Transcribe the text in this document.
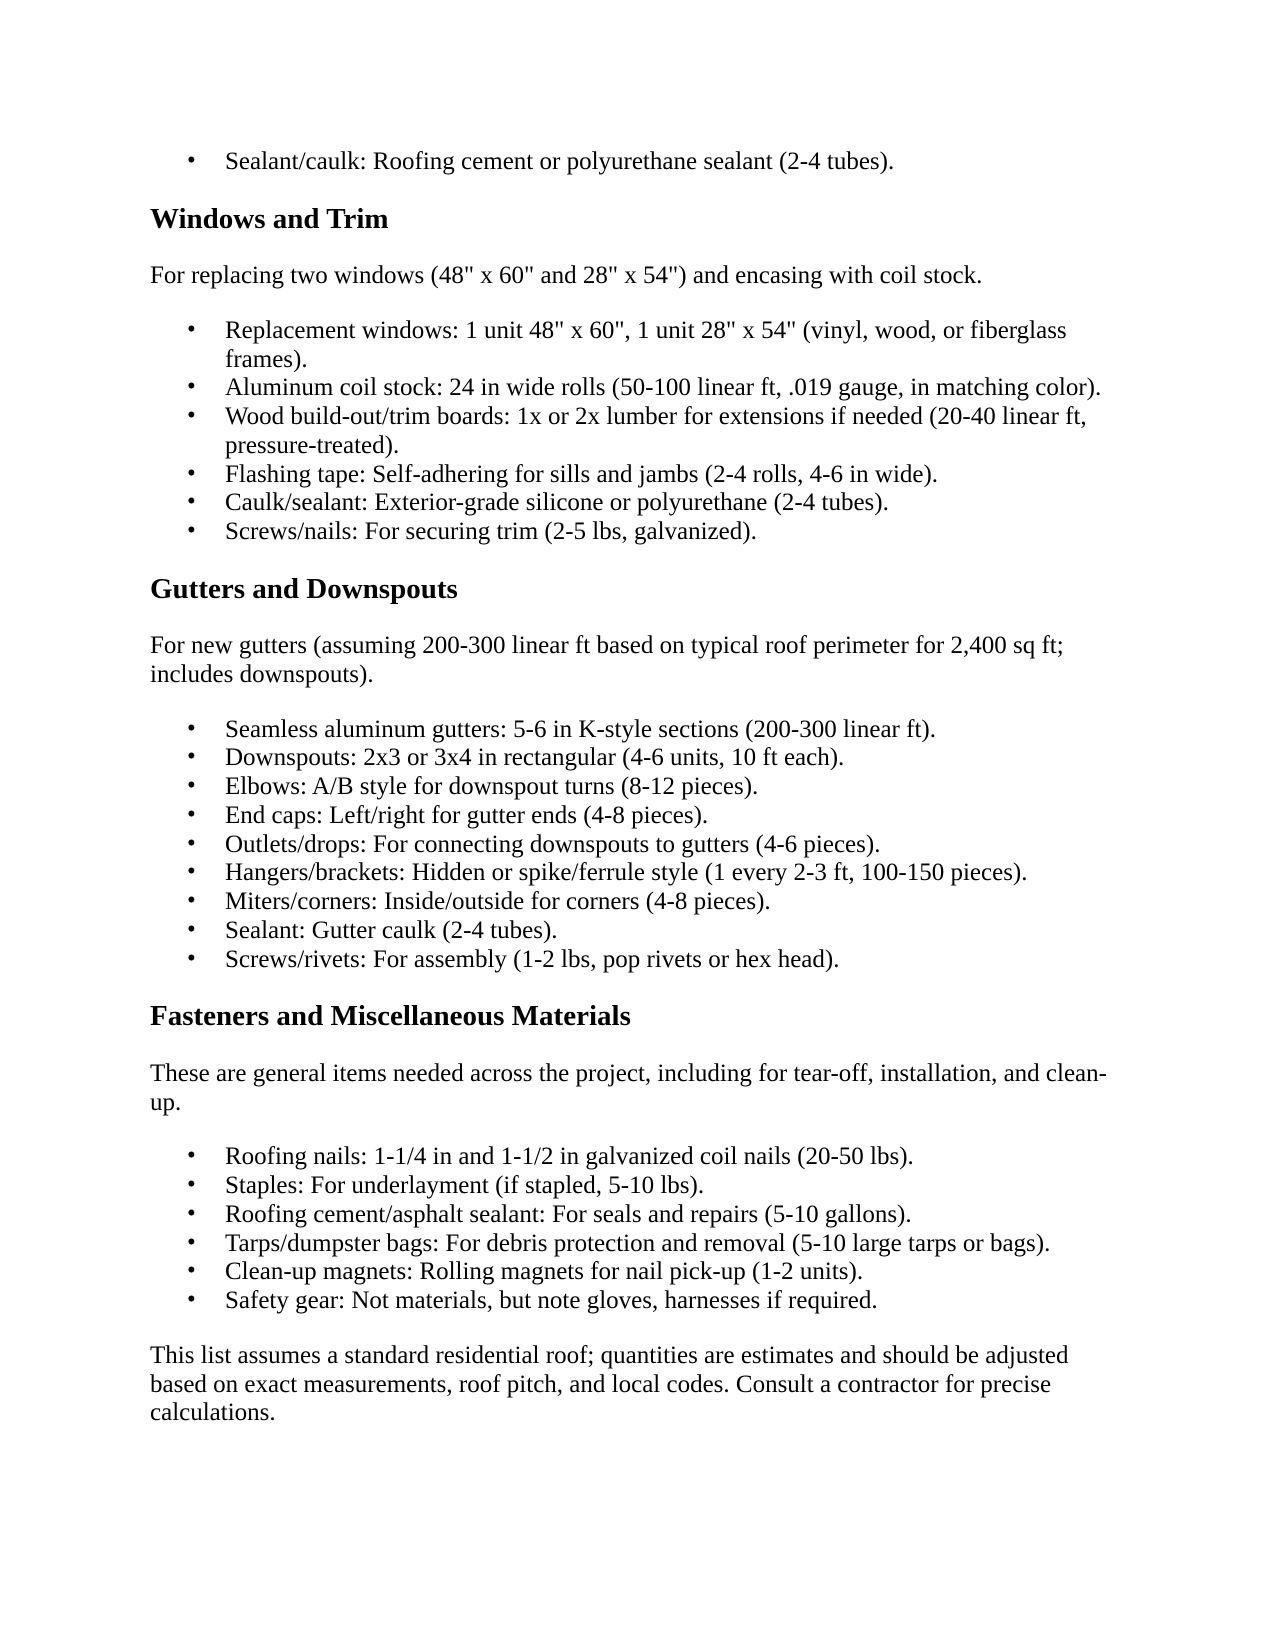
• Sealant/caulk: Roofing cement or polyurethane sealant (2-4 tubes).
Windows and Trim

For replacing two windows (48" x 60" and 28" x 54") and encasing with coil stock.

• Replacement windows: 1 unit 48" x 60", 1 unit 28" x 54" (vinyl, wood, or fiberglass frames).
• Aluminum coil stock: 24 in wide rolls (50-100 linear ft, .019 gauge, in matching color).
• Wood build-out/trim boards: 1x or 2x lumber for extensions if needed (20-40 linear ft, pressure-treated).
• Flashing tape: Self-adhering for sills and jambs (2-4 rolls, 4-6 in wide).
• Caulk/sealant: Exterior-grade silicone or polyurethane (2-4 tubes).
• Screws/nails: For securing trim (2-5 lbs, galvanized).
Gutters and Downspouts

For new gutters (assuming 200-300 linear ft based on typical roof perimeter for 2,400 sq ft; includes downspouts).

• Seamless aluminum gutters: 5-6 in K-style sections (200-300 linear ft).
• Downspouts: 2x3 or 3x4 in rectangular (4-6 units, 10 ft each).
• Elbows: A/B style for downspout turns (8-12 pieces).
• End caps: Left/right for gutter ends (4-8 pieces).
• Outlets/drops: For connecting downspouts to gutters (4-6 pieces).
• Hangers/brackets: Hidden or spike/ferrule style (1 every 2-3 ft, 100-150 pieces).
• Miters/corners: Inside/outside for corners (4-8 pieces).
• Sealant: Gutter caulk (2-4 tubes).
• Screws/rivets: For assembly (1-2 lbs, pop rivets or hex head).
Fasteners and Miscellaneous Materials

These are general items needed across the project, including for tear-off, installation, and clean-up.

• Roofing nails: 1-1/4 in and 1-1/2 in galvanized coil nails (20-50 lbs).
• Staples: For underlayment (if stapled, 5-10 lbs).
• Roofing cement/asphalt sealant: For seals and repairs (5-10 gallons).
• Tarps/dumpster bags: For debris protection and removal (5-10 large tarps or bags).
• Clean-up magnets: Rolling magnets for nail pick-up (1-2 units).
• Safety gear: Not materials, but note gloves, harnesses if required.

This list assumes a standard residential roof; quantities are estimates and should be adjusted based on exact measurements, roof pitch, and local codes. Consult a contractor for precise calculations.
